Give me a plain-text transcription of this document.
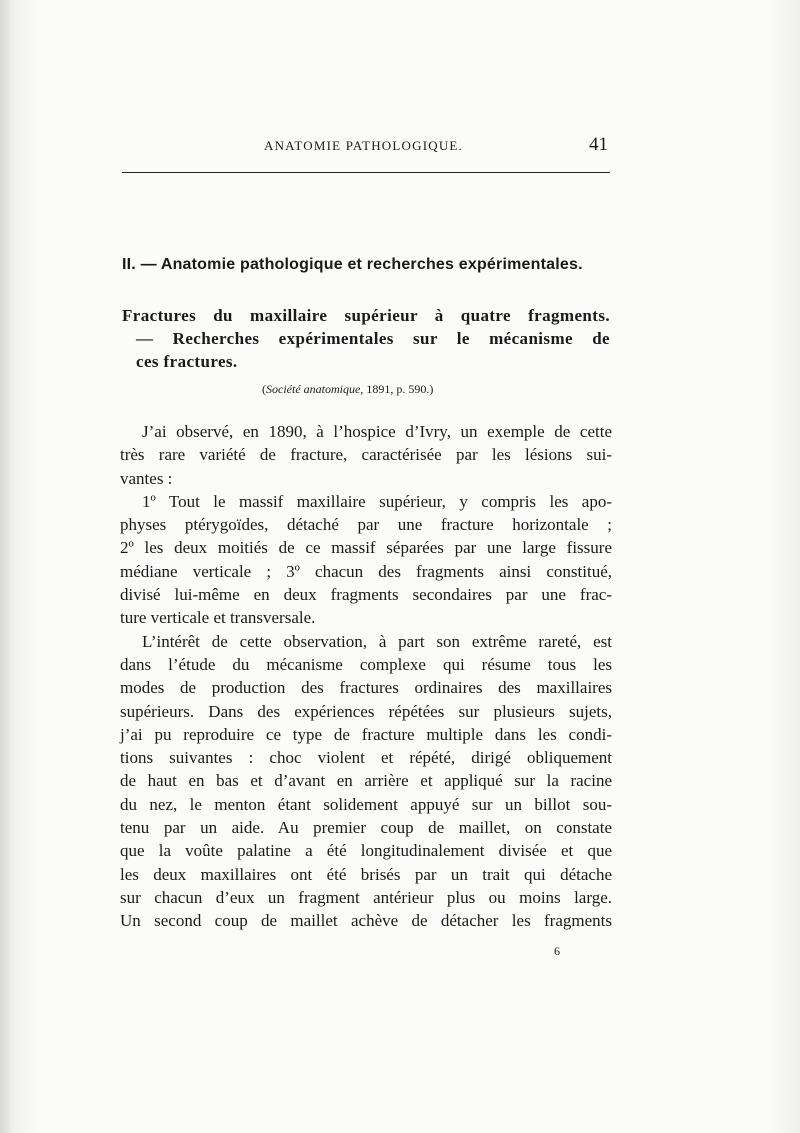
ANATOMIE PATHOLOGIQUE.	41
II. — Anatomie pathologique et recherches expérimentales.
Fractures du maxillaire supérieur à quatre fragments.
— Recherches expérimentales sur le mécanisme de
ces fractures.
(Société anatomique, 1891, p. 590.)
J’ai observé, en 1890, à l’hospice d’Ivry, un exemple de cette
très rare variété de fracture, caractérisée par les lésions sui-
vantes :
1º Tout le massif maxillaire supérieur, y compris les apo-
physes ptérygoïdes, détaché par une fracture horizontale ;
2º les deux moitiés de ce massif séparées par une large fissure
médiane verticale ; 3º chacun des fragments ainsi constitué,
divisé lui-même en deux fragments secondaires par une frac-
ture verticale et transversale.
L’intérêt de cette observation, à part son extrême rareté, est
dans l’étude du mécanisme complexe qui résume tous les
modes de production des fractures ordinaires des maxillaires
supérieurs. Dans des expériences répétées sur plusieurs sujets,
j’ai pu reproduire ce type de fracture multiple dans les condi-
tions suivantes : choc violent et répété, dirigé obliquement
de haut en bas et d’avant en arrière et appliqué sur la racine
du nez, le menton étant solidement appuyé sur un billot sou-
tenu par un aide. Au premier coup de maillet, on constate
que la voûte palatine a été longitudinalement divisée et que
les deux maxillaires ont été brisés par un trait qui détache
sur chacun d’eux un fragment antérieur plus ou moins large.
Un second coup de maillet achève de détacher les fragments
6
